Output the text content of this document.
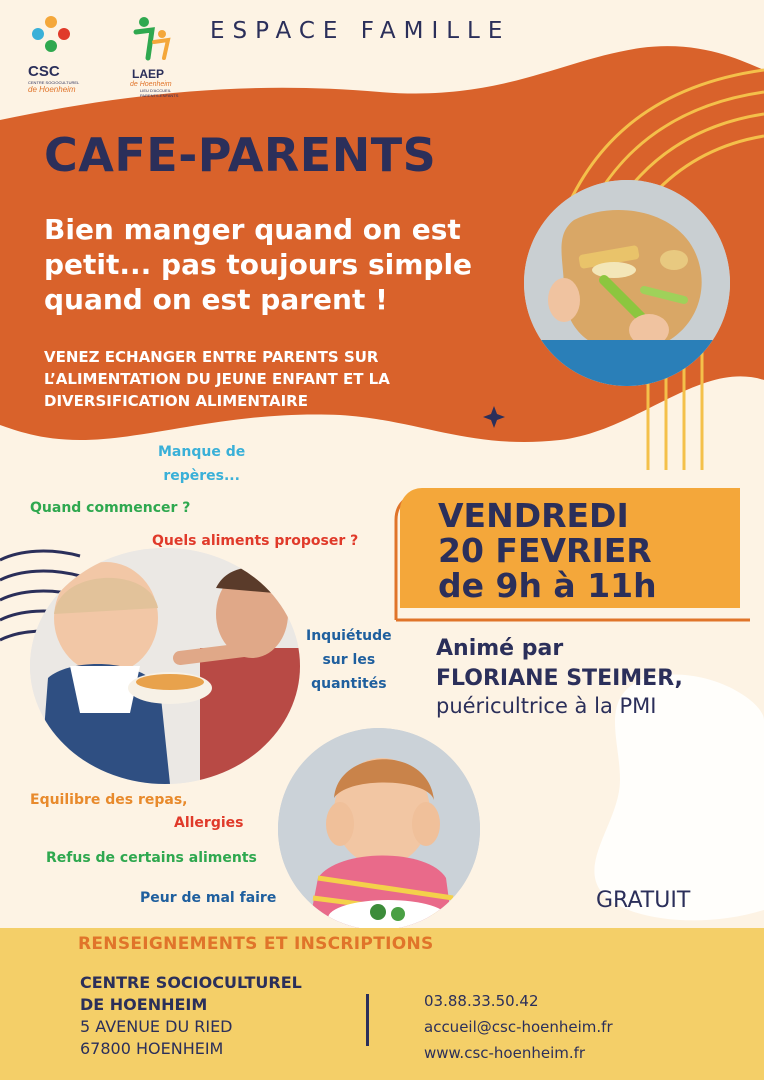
CSC
CENTRE SOCIOCULTUREL
de Hoenheim
LAEP
de Hoenheim
LIEU D'ACCUEIL
PARENTS-ENFANTS
ESPACE FAMILLE
CAFE-PARENTS
Bien manger quand on est petit... pas toujours simple quand on est parent !
VENEZ ECHANGER ENTRE PARENTS SUR L’ALIMENTATION DU JEUNE ENFANT ET LA DIVERSIFICATION ALIMENTAIRE
Manque de
repères...
Quand commencer ?
Quels aliments proposer ?
Inquiétude
sur les
quantités
Equilibre des repas,
Allergies
Refus de certains aliments
Peur de mal faire
VENDREDI
20 FEVRIER
de 9h à 11h
Animé par
FLORIANE STEIMER,
puéricultrice à la PMI
GRATUIT
RENSEIGNEMENTS ET INSCRIPTIONS
CENTRE SOCIOCULTUREL
DE HOENHEIM
5 AVENUE DU RIED
67800 HOENHEIM
03.88.33.50.42
accueil@csc-hoenheim.fr
www.csc-hoenheim.fr
